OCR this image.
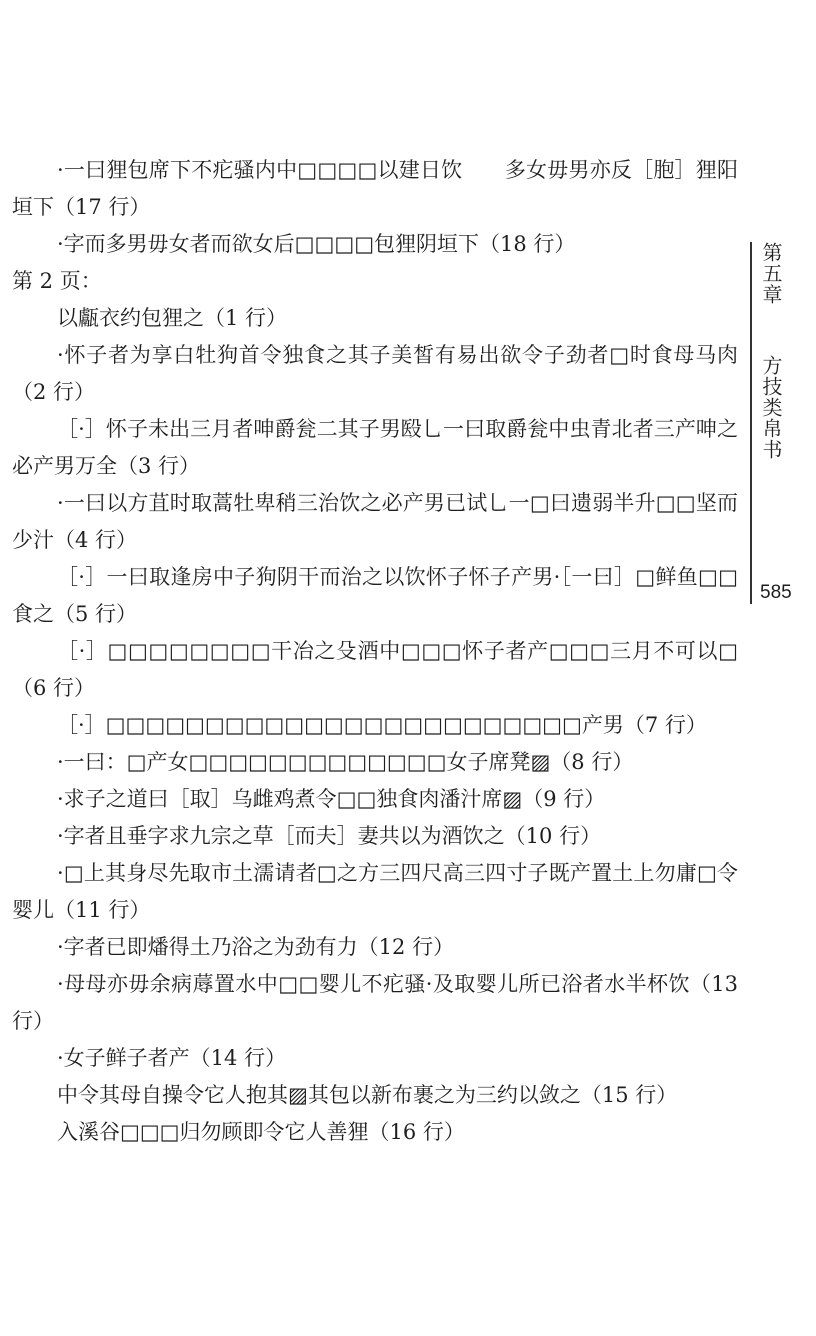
第五章  方技类帛书
585

·一曰狸包席下不疕骚内中□□□□以建日饮　　多女毋男亦反［胞］狸阳垣下（17 行）

·字而多男毋女者而欲女后□□□□包狸阴垣下（18 行）

第 2 页：

以甗衣约包狸之（1 行）

·怀子者为享白牡狗首令独食之其子美皙有易出欲令子劲者□时食母马肉（2 行）

［·］怀子未出三月者呻爵瓮二其子男殹乚一曰取爵瓮中虫青北者三产呻之必产男万全（3 行）

·一曰以方苴时取蒿牡卑稍三治饮之必产男已试乚一□曰遗弱半升□□坚而少汁（4 行）

［·］一曰取逢房中子狗阴干而治之以饮怀子怀子产男·［一曰］□鲜鱼□□食之（5 行）

［·］□□□□□□□□干冶之殳酒中□□□怀子者产□□□三月不可以□（6 行）

［·］□□□□□□□□□□□□□□□□□□□□□□□□产男（7 行）

·一曰：□产女□□□□□□□□□□□□□女子席凳▨（8 行）

·求子之道曰［取］乌雌鸡煮令□□独食肉潘汁席▨（9 行）

·字者且垂字求九宗之草［而夫］妻共以为酒饮之（10 行）

·□上其身尽先取市土濡请者□之方三四尺高三四寸子既产置土上勿庸□令婴儿（11 行）

·字者已即燔得土乃浴之为劲有力（12 行）

·母母亦毋余病蓐置水中□□婴儿不疕骚·及取婴儿所已浴者水半杯饮（13 行）

·女子鲜子者产（14 行）

中令其母自操令它人抱其▨其包以新布裹之为三约以敛之（15 行）

入溪谷□□□归勿顾即令它人善狸（16 行）
